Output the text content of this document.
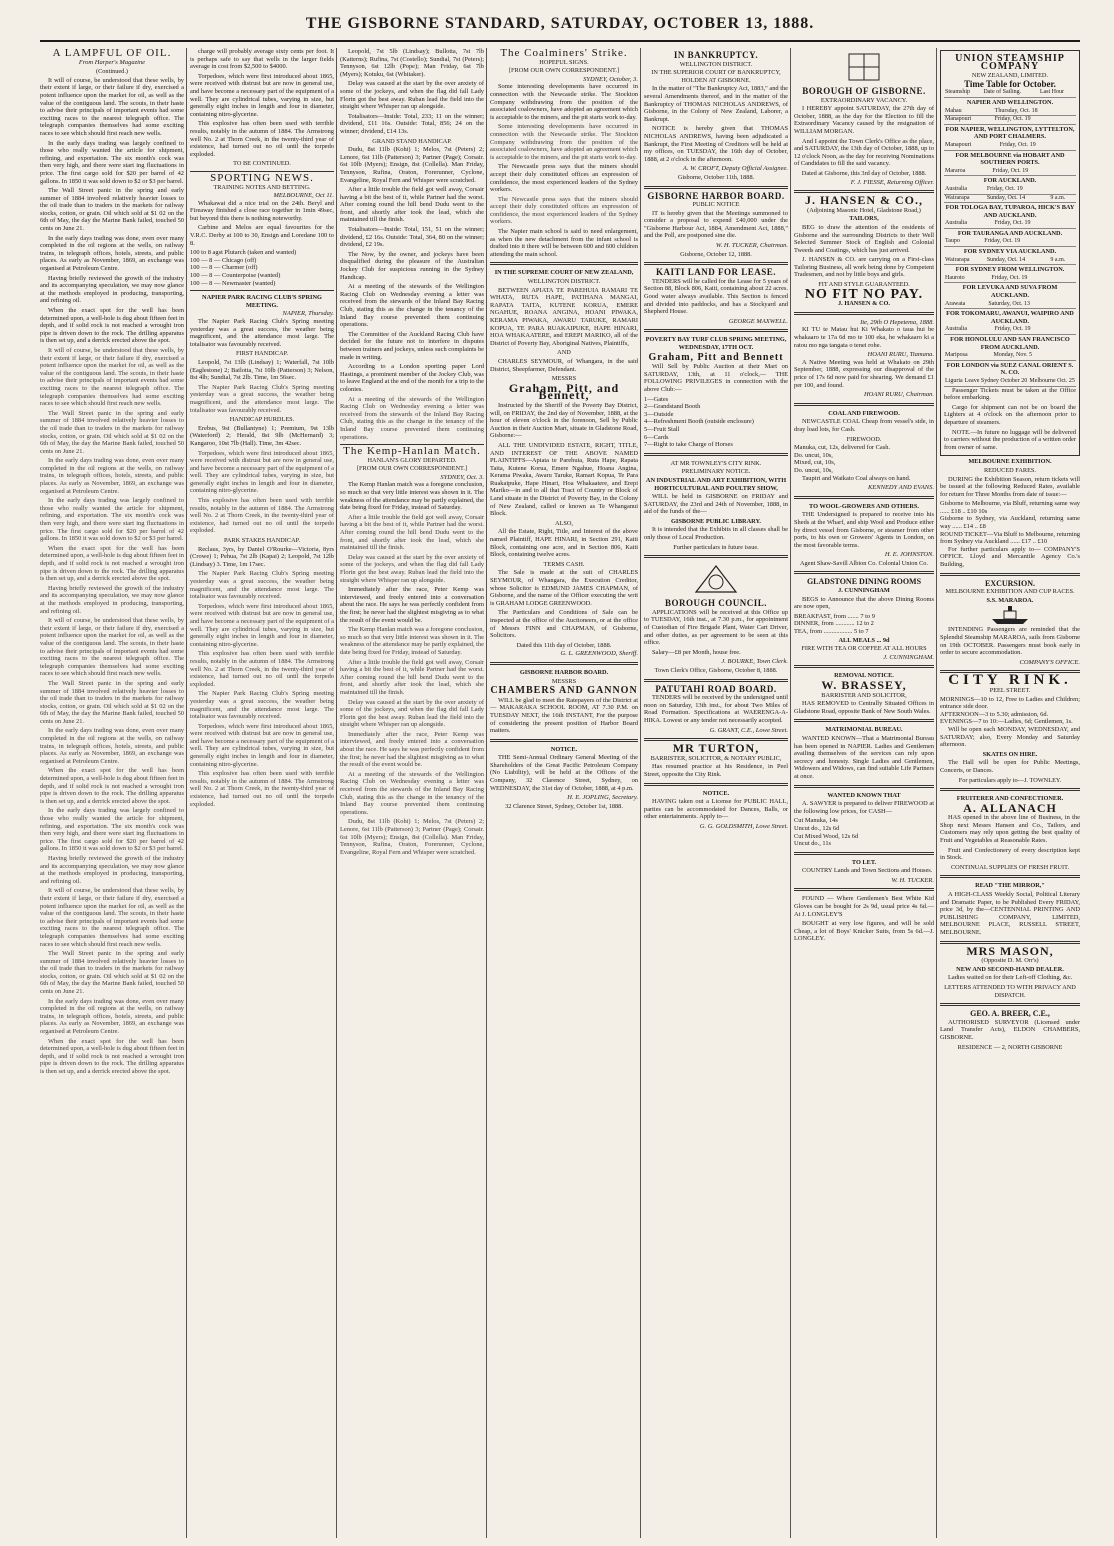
THE GISBORNE STANDARD, SATURDAY, OCTOBER 13, 1888.
A LAMPFUL OF OIL.
From Harper's Magazine
(Continued.)

It will of course, be understood that these wells, by their extent if large, or their failure if dry, exercised a potent influence upon the market for oil, as well as the value of the contiguous land. The scouts, in their haste to advise their principals of important events had some exciting races to the nearest telegraph office. The telegraph companies themselves had some exciting races to see which should first reach new wells.

In the early days trading was largely confined to those who really wanted the article for shipment, refining, and exportation. The six month's cock was then very high, and there were start ing fluctuations in price. The first cargo sold for $20 per barrel of 42 gallons. In 1850 it was sold down to $2 or $3 per barrel.

The Wall Street panic in the spring and early summer of 1884 involved relatively heavier losses to the oil trade than to traders in the markets for railway stocks, cotton, or grain. Oil which sold at $1 02 on the 6th of May, the day the Marine Bank failed, touched 50 cents on June 21.

In the early days trading was done, even over many completed in the oil regions at the wells, on railway trains, in telegraph offices, hotels, streets, and public places. As early as November, 1869, an exchange was organised at Petroleum Centre.

Having briefly reviewed the growth of the industry and its accompanying speculation, we may now glance at the methods employed in producing, transporting, and refining oil.

When the exact spot for the well has been determined upon, a well-hole is dug about fifteen feet in depth, and if solid rock is not reached a wrought iron pipe is driven down to the rock. The drilling apparatus is then set up, and a derrick erected above the spot.

It will of course, be understood that these wells, by their extent if large, or their failure if dry, exercised a potent influence upon the market for oil, as well as the value of the contiguous land. The scouts, in their haste to advise their principals of important events had some exciting races to the nearest telegraph office. The telegraph companies themselves had some exciting races to see which should first reach new wells.

The Wall Street panic in the spring and early summer of 1884 involved relatively heavier losses to the oil trade than to traders in the markets for railway stocks, cotton, or grain. Oil which sold at $1 02 on the 6th of May, the day the Marine Bank failed, touched 50 cents on June 21.

In the early days trading was done, even over many completed in the oil regions at the wells, on railway trains, in telegraph offices, hotels, streets, and public places. As early as November, 1869, an exchange was organised at Petroleum Centre.

In the early days trading was largely confined to those who really wanted the article for shipment, refining, and exportation. The six month's cock was then very high, and there were start ing fluctuations in price. The first cargo sold for $20 per barrel of 42 gallons. In 1850 it was sold down to $2 or $3 per barrel.

When the exact spot for the well has been determined upon, a well-hole is dug about fifteen feet in depth, and if solid rock is not reached a wrought iron pipe is driven down to the rock. The drilling apparatus is then set up, and a derrick erected above the spot.

Having briefly reviewed the growth of the industry and its accompanying speculation, we may now glance at the methods employed in producing, transporting, and refining oil.

It will of course, be understood that these wells, by their extent if large, or their failure if dry, exercised a potent influence upon the market for oil, as well as the value of the contiguous land. The scouts, in their haste to advise their principals of important events had some exciting races to the nearest telegraph office. The telegraph companies themselves had some exciting races to see which should first reach new wells.

The Wall Street panic in the spring and early summer of 1884 involved relatively heavier losses to the oil trade than to traders in the markets for railway stocks, cotton, or grain. Oil which sold at $1 02 on the 6th of May, the day the Marine Bank failed, touched 50 cents on June 21.

In the early days trading was done, even over many completed in the oil regions at the wells, on railway trains, in telegraph offices, hotels, streets, and public places. As early as November, 1869, an exchange was organised at Petroleum Centre.

When the exact spot for the well has been determined upon, a well-hole is dug about fifteen feet in depth, and if solid rock is not reached a wrought iron pipe is driven down to the rock. The drilling apparatus is then set up, and a derrick erected above the spot.

In the early days trading was largely confined to those who really wanted the article for shipment, refining, and exportation. The six month's cock was then very high, and there were start ing fluctuations in price. The first cargo sold for $20 per barrel of 42 gallons. In 1850 it was sold down to $2 or $3 per barrel.

Having briefly reviewed the growth of the industry and its accompanying speculation, we may now glance at the methods employed in producing, transporting, and refining oil.

It will of course, be understood that these wells, by their extent if large, or their failure if dry, exercised a potent influence upon the market for oil, as well as the value of the contiguous land. The scouts, in their haste to advise their principals of important events had some exciting races to the nearest telegraph office. The telegraph companies themselves had some exciting races to see which should first reach new wells.

The Wall Street panic in the spring and early summer of 1884 involved relatively heavier losses to the oil trade than to traders in the markets for railway stocks, cotton, or grain. Oil which sold at $1 02 on the 6th of May, the day the Marine Bank failed, touched 50 cents on June 21.

In the early days trading was done, even over many completed in the oil regions at the wells, on railway trains, in telegraph offices, hotels, streets, and public places. As early as November, 1869, an exchange was organised at Petroleum Centre.

When the exact spot for the well has been determined upon, a well-hole is dug about fifteen feet in depth, and if solid rock is not reached a wrought iron pipe is driven down to the rock. The drilling apparatus is then set up, and a derrick erected above the spot.

charge will probably average sixty cents per foot. It is perhaps safe to say that wells in the larger fields average in cost from $2,500 to $4000.

Torpedoes, which were first introduced about 1865, were received with distrust but are now in general use, and have become a necessary part of the equipment of a well. They are cylindrical tubes, varying in size, but generally eight inches in length and four in diameter, containing nitro-glycerine.

This explosive has often been used with terrible results, notably in the autumn of 1884. The Armstrong well No. 2 at Thorn Creek, in the twenty-third year of existence, had turned out no oil until the torpedo exploded.

TO BE CONTINUED.
SPORTING NEWS.
TRAINING NOTES AND BETTING.
MELBOURNE, Oct 11.

Whakawai did a nice trial on the 24th. Beryl and Fireaway finished a close race together in 1min 49sec, but beyond this there is nothing noteworthy.

Carbine and Melos are equal favourites for the V.R.C. Derby at 100 to 30, Ensign and Loredane 100 to 8.

100 to 8 agst Plutarch (taken and wanted)
100 — 8 — Chicago (off)
100 — 8 — Charmer (off)
100 — 8 — Counterpoise (wanted)
100 — 8 — Newmaster (wanted)
NAPIER PARK RACING CLUB'S SPRING MEETING.
NAPIER, Thursday.

The Napier Park Racing Club's Spring meeting yesterday was a great success, the weather being magnificent, and the attendance most large. The totalisator was favourably received.

FIRST HANDICAP.

Leopold, 7st 13lb (Lindsay) 1; Waterfall, 7st 10lb (Eaglestone) 2; Bailotta, 7st 10lb (Patterson) 3; Nelson, 8st 4lb; Sundial, 7st 2lb. Time, 1m 56sec.

The Napier Park Racing Club's Spring meeting yesterday was a great success, the weather being magnificent, and the attendance most large. The totalisator was favourably received.

HANDICAP HURDLES.

Erebus, 9st (Bullantyne) 1; Premium, 9st 13lb (Waterford) 2; Herald, 8st 9lb (McHernard) 3; Kangaroo, 10st 7lb (Hall). Time, 3m 42sec.

Torpedoes, which were first introduced about 1865, were received with distrust but are now in general use, and have become a necessary part of the equipment of a well. They are cylindrical tubes, varying in size, but generally eight inches in length and four in diameter, containing nitro-glycerine.

This explosive has often been used with terrible results, notably in the autumn of 1884. The Armstrong well No. 2 at Thorn Creek, in the twenty-third year of existence, had turned out no oil until the torpedo exploded.

PARK STAKES HANDICAP.

Reclaus, 3yrs, by Daniel O'Rourke—Victoria, 8yrs (Crowe) 1; Pehua, 7st 2lb (Kapai) 2; Leopold, 7st 12lb (Lindsay) 3. Time, 1m 17sec.

The Napier Park Racing Club's Spring meeting yesterday was a great success, the weather being magnificent, and the attendance most large. The totalisator was favourably received.

Torpedoes, which were first introduced about 1865, were received with distrust but are now in general use, and have become a necessary part of the equipment of a well. They are cylindrical tubes, varying in size, but generally eight inches in length and four in diameter, containing nitro-glycerine.

This explosive has often been used with terrible results, notably in the autumn of 1884. The Armstrong well No. 2 at Thorn Creek, in the twenty-third year of existence, had turned out no oil until the torpedo exploded.

The Napier Park Racing Club's Spring meeting yesterday was a great success, the weather being magnificent, and the attendance most large. The totalisator was favourably received.

Torpedoes, which were first introduced about 1865, were received with distrust but are now in general use, and have become a necessary part of the equipment of a well. They are cylindrical tubes, varying in size, but generally eight inches in length and four in diameter, containing nitro-glycerine.

This explosive has often been used with terrible results, notably in the autumn of 1884. The Armstrong well No. 2 at Thorn Creek, in the twenty-third year of existence, had turned out no oil until the torpedo exploded.

Leopold, 7st 5lb (Lindsay); Bullotta, 7st 7lb (Katterns); Rufina, 7st (Costello); Sundial, 7st (Peters); Tennyson, 6st 12lb (Pope); Man Friday, 6st 7lb (Myers); Kotuku, 6st (Whitaker).

Delay was caused at the start by the over anxiety of some of the jockeys, and when the flag did fall Lady Florin got the best away. Ruban lead the field into the straight where Whisper ran up alongside.

Totalisators—Inside: Total, 233; 11 on the winner; dividend, £11 16s. Outside: Total, 856; 24 on the winner; dividend, £14 13s.

GRAND STAND HANDICAP.

Dudu, 8st 11lb (Kohi) 1; Melos, 7st (Peters) 2; Lenore, 6st 11lb (Patterson) 3; Partner (Page); Corsair. 6st 10lb (Myers); Ensign, 8st (Collella). Man Friday, Tennyson, Rufina, Oraton, Forerunner, Cyclone, Evangeline, Royal Fern and Whisper were scratched.

After a little trouble the field got well away, Corsair having a bit the best of it, while Partner had the worst. After coming round the hill bend Dudu went to the front, and shortly after took the lead, which she maintained till the finish.

Totalisators—Inside: Total, 151, 51 on the winner; dividend, £2 16s. Outside: Total, 364, 80 on the winner; dividend, £2 19s.

The Now, by the owner, and jockeys have been disqualified during the pleasure of the Australian Jockey Club for suspicious running in the Sydney Handicap.

At a meeting of the stewards of the Wellington Racing Club on Wednesday evening a letter was received from the stewards of the Inland Bay Racing Club, stating this as the change in the tenancy of the Inland Bay course prevented them continuing operations.

The Committee of the Auckland Racing Club have decided for the future not to interfere in disputes between trainers and jockeys, unless such complaints be made in writing.

According to a London sporting paper Lord Hastings, a prominent member of the Jockey Club, was to leave England at the end of the month for a trip to the colonies.

At a meeting of the stewards of the Wellington Racing Club on Wednesday evening a letter was received from the stewards of the Inland Bay Racing Club, stating this as the change in the tenancy of the Inland Bay course prevented them continuing operations.

The Kemp-Hanlan Match.
HANLAN'S GLORY DEPARTED.
[FROM OUR OWN CORRESPONDENT.]
SYDNEY, Oct. 3.

The Kemp Hanlan match was a foregone conclusion, so much so that very little interest was shown in it. The weakness of the attendance may be partly explained, the date being fixed for Friday, instead of Saturday.

After a little trouble the field got well away, Corsair having a bit the best of it, while Partner had the worst. After coming round the hill bend Dudu went to the front, and shortly after took the lead, which she maintained till the finish.

Delay was caused at the start by the over anxiety of some of the jockeys, and when the flag did fall Lady Florin got the best away. Ruban lead the field into the straight where Whisper ran up alongside.

Immediately after the race, Peter Kemp was interviewed, and freely entered into a conversation about the race. He says he was perfectly confident from the first; he never had the slightest misgiving as to what the result of the event would be.

The Kemp Hanlan match was a foregone conclusion, so much so that very little interest was shown in it. The weakness of the attendance may be partly explained, the date being fixed for Friday, instead of Saturday.

After a little trouble the field got well away, Corsair having a bit the best of it, while Partner had the worst. After coming round the hill bend Dudu went to the front, and shortly after took the lead, which she maintained till the finish.

Delay was caused at the start by the over anxiety of some of the jockeys, and when the flag did fall Lady Florin got the best away. Ruban lead the field into the straight where Whisper ran up alongside.

Immediately after the race, Peter Kemp was interviewed, and freely entered into a conversation about the race. He says he was perfectly confident from the first; he never had the slightest misgiving as to what the result of the event would be.

At a meeting of the stewards of the Wellington Racing Club on Wednesday evening a letter was received from the stewards of the Inland Bay Racing Club, stating this as the change in the tenancy of the Inland Bay course prevented them continuing operations.

Dudu, 8st 11lb (Kohi) 1; Melos, 7st (Peters) 2; Lenore, 6st 11lb (Patterson) 3; Partner (Page); Corsair. 6st 10lb (Myers); Ensign, 8st (Collella). Man Friday, Tennyson, Rufina, Oraton, Forerunner, Cyclone, Evangeline, Royal Fern and Whisper were scratched.

The Coalminers' Strike.
HOPEFUL SIGNS.
[FROM OUR OWN CORRESPONDENT.]
SYDNEY, October, 3.

Some interesting developments have occurred in connection with the Newcastle strike. The Stockton Company withdrawing from the position of the associated coalowners, have adopted an agreement which is acceptable to the miners, and the pit starts work to-day.

Some interesting developments have occurred in connection with the Newcastle strike. The Stockton Company withdrawing from the position of the associated coalowners, have adopted an agreement which is acceptable to the miners, and the pit starts work to-day.

The Newcastle press says that the miners should accept their duly constituted offices an expression of confidence, the most experienced leaders of the Sydney workers.

The Newcastle press says that the miners should accept their duly constituted offices an expression of confidence, the most experienced leaders of the Sydney workers.

The Napier main school is said to need enlargement, as when the new detachment from the infant school is drafted into it there will be between 600 and 600 children attending the main school.

IN THE SUPREME COURT OF NEW ZEALAND,
WELLINGTON DISTRICT.

BETWEEN APIATA TE PAREHUIA RAMARI TE WHATA, RUTA HAPE, PATIHANA MANGAI, RAPATA TAITA, KUTENE KORUA, EMERE NGAHUE, ROANA ANGINA, HOANI PIWAKA, KERAMA PIWAKA, AWARU TARUKE, RAMARI KOPUA, TE PARA RUAKAIPUKE, HAPE HINARI, HOA WHAKAATERE, and EREPI MARIKO, all of the District of Poverty Bay, Aboriginal Natives, Plaintiffs,

AND

CHARLES SEYMOUR, of Whangara, in the said District, Sheepfarmer, Defendant.

MESSRS
Graham, Pitt, and Bennett,

Instructed by the Sheriff of the Poverty Bay District, will, on FRIDAY, the 2nd day of November, 1888, at the hour of eleven o'clock in the forenoon, Sell by Public Auction in their Auction Mart, situate in Gladstone Road, Gisborne:—

ALL THE UNDIVIDED ESTATE, RIGHT, TITLE, AND INTEREST OF THE ABOVE NAMED PLAINTIFFS—Apiata te Parehuia, Ruta Hape, Rapata Taita, Kutene Korua, Emere Ngahue, Hoana Angina, Kerama Piwaka, Awaru Taruke, Ramari Kopua, Te Para Ruakaipuke, Hape Hinari, Hoa Whakaatere, and Erepi Mariko—in and to all that Tract of Country or Block of Land situate in the District of Poverty Bay, in the Colony of New Zealand, called or known as Te Whanganui Block.

ALSO,

All the Estate, Right, Title, and Interest of the above named Plaintiff, HAPE HINARI, in Section 291, Kaiti Block, containing one acre, and in Section 806, Kaiti Block, containing twelve acres.

TERMS CASH.

The Sale is made at the suit of CHARLES SEYMOUR, of Whangara, the Execution Creditor, whose Solicitor is EDMUND JAMES CHAPMAN, of Gisborne, and the name of the Officer executing the writ is GRAHAM LODGE GREENWOOD.

The Particulars and Conditions of Sale can be inspected at the office of the Auctioneers, or at the office of Messrs FINN and CHAPMAN, of Gisborne, Solicitors.

Dated this 11th day of October, 1888.
G. L. GREENWOOD, Sheriff.
GISBORNE HARBOR BOARD.
MESSRS
CHAMBERS AND GANNON

WILL be glad to meet the Ratepayers of the District at— MAKARAKA SCHOOL ROOM, AT 7.30 P.M. on TUESDAY NEXT, the 16th INSTANT, For the purpose of considering the present position of Harbor Board matters.

NOTICE.

THE Semi-Annual Ordinary General Meeting of the Shareholders of the Great Pacific Petroleum Company (No Liability), will be held at the Offices of the Company, 32 Clarence Street, Sydney, on WEDNESDAY, the 31st day of October, 1888, at 4 p.m.

H. E. JOPLING, Secretary.
32 Clarence Street, Sydney, October 1st, 1888.
IN BANKRUPTCY.
WELLINGTON DISTRICT.
IN THE SUPERIOR COURT OF BANKRUPTCY, HOLDEN AT GISBORNE.

In the matter of "The Bankruptcy Act, 1883," and the several Amendments thereof, and in the matter of the Bankruptcy of THOMAS NICHOLAS ANDREWS, of Gisborne, in the Colony of New Zealand, Laborer, a Bankrupt.

NOTICE is hereby given that THOMAS NICHOLAS ANDREWS, having been adjudicated a Bankrupt, the First Meeting of Creditors will be held at my offices, on TUESDAY, the 16th day of October, 1888, at 2 o'clock in the afternoon.

A. W. CROFT, Deputy Official Assignee.
Gisborne, October 11th, 1888.
GISBORNE HARBOR BOARD.
PUBLIC NOTICE

IT is hereby given that the Meetings summoned to consider a proposal to expend £40,000 under the "Gisborne Harbour Act, 1884, Amendment Act, 1888," and the Poll, are postponed sine die.

W. H. TUCKER, Chairman.
Gisborne, October 12, 1888.
KAITI LAND FOR LEASE.

TENDERS will be called for the Lease for 5 years of Section 88, Block 806, Kaiti, containing about 22 acres. Good water always available. This Section is fenced and divided into paddocks, and has a Stockyard and Shepherd House.

GEORGE MAXWELL.
POVERTY BAY TURF CLUB SPRING MEETING, WEDNESDAY, 17TH OCT.
Graham, Pitt and Bennett

Will Sell by Public Auction at their Mart on SATURDAY, 13th, at 11 o'clock,— THE FOLLOWING PRIVILEGES in connection with the above Club:—

1—Gates
2—Grandstand Booth
3—Outside
4—Refreshment Booth (outside enclosure)
5—Fruit Stall
6—Cards
7—Right to take Charge of Horses
AT MR TOWNLEY'S CITY RINK.
PRELIMINARY NOTICE.
AN INDUSTRIAL AND ART EXHIBITION, WITH HORTICULTURAL AND POULTRY SHOW,

WILL be held in GISBORNE on FRIDAY and SATURDAY, the 23rd and 24th of November, 1888, in aid of the funds of the—

GISBORNE PUBLIC LIBRARY.

It is intended that the Exhibits in all classes shall be only those of Local Production.

Further particulars in future issue.
BOROUGH COUNCIL.

APPLICATIONS will be received at this Office up to TUESDAY, 16th inst., at 7.30 p.m., for appointment of Custodian of Fire Brigade Plant, Water Cart Driver, and other duties, as per agreement to be seen at this office.

Salary—£8 per Month, house free.

J. BOURKE, Town Clerk.
Town Clerk's Office, Gisborne, October 8, 1888.
PATUTAHI ROAD BOARD.

TENDERS will be received by the undersigned until noon on Saturday, 13th inst., for about Two Miles of Road Formation. Specifications at WAERENGA-A-HIKA. Lowest or any tender not necessarily accepted.

G. GRANT, C.E., Lowe Street.
MR TURTON,
BARRISTER, SOLICITOR, & NOTARY PUBLIC,

Has resumed practice at his Residence, in Peel Street, opposite the City Rink.

NOTICE.

HAVING taken out a License for PUBLIC HALL, parties can be accommodated for Dances, Balls, or other entertainments. Apply to—

G. G. GOLDSMITH, Lowe Street.
BOROUGH OF GISBORNE.
EXTRAORDINARY VACANCY.

I HEREBY appoint SATURDAY, the 27th day of October, 1888, as the day for the Election to fill the Extraordinary Vacancy caused by the resignation of WILLIAM MORGAN.

And I appoint the Town Clerk's Office as the place, and SATURDAY, the 13th day of October, 1888, up to 12 o'clock Noon, as the day for receiving Nominations of Candidates to fill the said vacancy.

Dated at Gisborne, this 3rd day of October, 1888.
F. J. FIESSE, Returning Officer.
J. HANSEN & CO.,
(Adjoining Masonic Hotel, Gladstone Road,)
TAILORS,

BEG to draw the attention of the residents of Gisborne and the surrounding Districts to their Well Selected Summer Stock of English and Colonial Tweeds and Coatings, which has just arrived.

J. HANSEN & CO. are carrying on a First-class Tailoring Business, all work being done by Competent Tradesmen, and not by little boys and girls.

FIT AND STYLE GUARANTEED.
NO FIT NO PAY.
J. HANSEN & CO.
Ite, 29th O Hepetema, 1888.

KI TU te Matau hui Ki Whakato o taua hui be whakaaro te 17a 6d mo te 100 eka, he whakaaro ki a ratou mo nga tangata o tenei rohe.

HOANI RURU, Tiamana.

A Native Meeting was held at Whakato on 29th September, 1888, expressing our disapproval of the price of 17s 6d now paid for shearing. We demand £1 per 100, and found.

HOANI RURU, Chairman.
COAL AND FIREWOOD.

NEWCASTLE COAL Cheap from vessel's side, in dray load lots, for Cash.

FIREWOOD.
Manuka, cut, 12s, delivered for Cash.
Do. uncut, 10s,
Mixed, cut, 10s,
Do. uncut, 10s,

Taupiri and Waikato Coal always on hand.

KENNEDY AND EVANS.
TO WOOL-GROWERS AND OTHERS.

THE Undersigned is prepared to receive into his Sheds at the Wharf, and ship Wool and Produce either by direct vessel from Gisborne, or steamer from other ports, to his own or Growers' Agents in London, on the most favorable terms.

H. E. JOHNSTON.
Agent Shaw-Savill Albion Co. Colonial Union Co.
GLADSTONE DINING ROOMS
J. CUNNINGHAM

BEGS to Announce that the above Dining Rooms are now open,

BREAKFAST, from ....... 7 to 9
DINNER, from ............ 12 to 2
TEA, from .................. 5 to 7
ALL MEALS ... 9d
FIRE WITH TEA OR COFFEE AT ALL HOURS
J. CUNNINGHAM.
REMOVAL NOTICE.
W. BRASSEY,
BARRISTER AND SOLICITOR,

HAS REMOVED to Centrally Situated Offices in Gladstone Road, opposite Bank of New South Wales.

MATRIMONIAL BUREAU.

WANTED KNOWN—That a Matrimonial Bureau has been opened in NAPIER. Ladies and Gentlemen availing themselves of the services can rely upon secrecy and honesty. Single Ladies and Gentlemen, Widowers and Widows, can find suitable Life Partners at once.

WANTED KNOWN THAT

A. SAWYER is prepared to deliver FIREWOOD at the following low prices, for CASH—

Cut Manuka, 14s
Uncut do., 12s 6d
Cut Mixed Wood, 12s 6d
Uncut do., 11s
TO LET.

COUNTRY Lands and Town Sections and Houses.

W. H. TUCKER.

FOUND — Where Gentlemen's Best White Kid Gloves can be bought for 2s 9d, usual price 4s 6d.—At J. LONGLEY'S

BOUGHT at very low figures, and will be sold Cheap, a lot of Boys' Knicker Suits, from 5s 6d.—J. LONGLEY.

UNION STEAMSHIP COMPANY
NEW ZEALAND, LIMITED.
Time Table for October.
Steamship	Date of Sailing.	Last Hour
NAPIER AND WELLINGTON.
Mahau	Thursday, Oct. 18	
Manapouri	Friday, Oct. 19	
FOR NAPIER, WELLINGTON, LYTTELTON, AND PORT CHALMERS.
Manapouri	Friday, Oct. 19	
FOR MELBOURNE via HOBART AND SOUTHERN PORTS.
Mararoa	Friday, Oct. 19	
FOR AUCKLAND.
Australia	Friday, Oct. 19	
Wairarapa	Sunday, Oct. 14	9 a.m.
FOR TOLOGA BAY, TUPAROA, HICK'S BAY AND AUCKLAND.
Australia	Friday, Oct. 19	
FOR TAURANGA AND AUCKLAND.
Taupo	Friday, Oct. 19	
FOR SYDNEY VIA AUCKLAND.
Wairarapa	Sunday, Oct. 14	9 a.m.
FOR SYDNEY FROM WELLINGTON.
Hauroto	Friday, Oct. 19	
FOR LEVUKA AND SUVA FROM AUCKLAND.
Arawata	Saturday, Oct. 13	
FOR TOKOMARU, AWANUI, WAIPIRO AND AUCKLAND.
Australia	Friday, Oct. 19	
FOR HONOLULU AND SAN FRANCISCO FROM AUCKLAND.
Mariposa	Monday, Nov. 5	
FOR LONDON via SUEZ CANAL ORIENT S. N. CO.
Liguria	Leave Sydney October 20	Melbourne Oct. 25

Passenger Tickets must be taken at the Office before embarking.

Cargo for shipment can not be on board the Lighters at 4 o'clock on the afternoon prior to departure of steamers.

NOTE.—In future no luggage will be delivered to carriers without the production of a written order from owner of same.

MELBOURNE EXHIBITION.
REDUCED FARES.

DURING the Exhibition Season, return tickets will be issued at the following Reduced Rates, available for return for Three Months from date of issue:—

Gisborne to Melbourne, via Bluff, returning same way ...... £18 .. £10 10s
Gisborne to Sydney, via Auckland, returning same way ...... £14 .. £8
ROUND TICKET—Via Bluff to Melbourne, returning from Sydney via Auckland ...... £17 .. £10

For further particulars apply to— COMPANY'S OFFICE. Lloyd and Mercantile Agency Co.'s Building,

EXCURSION.
MELBOURNE EXHIBITION AND CUP RACES.
S.S. MARAROA.

INTENDING Passengers are reminded that the Splendid Steamship MARAROA, sails from Gisborne on 19th OCTOBER. Passengers must book early in order to secure accommodation.

COMPANY'S OFFICE.
CITY RINK.
PEEL STREET.
MORNINGS—10 to 12, Free to Ladies and Children; entrance side door.
AFTERNOON—3 to 5.30; admission, 6d.
EVENINGS—7 to 10:—Ladies, 6d; Gentlemen, 1s.

Will be open each MONDAY, WEDNESDAY, and SATURDAY; also, Every Monday and Saturday afternoon.

SKATES ON HIRE.

The Hall will be open for Public Meetings, Concerts, or Dances.

For particulars apply to—J. TOWNLEY.
FRUITERER AND CONFECTIONER.
A. ALLANACH

HAS opened in the above line of Business, in the Shop next Messrs Hansen and Co., Tailors, and Customers may rely upon getting the best quality of Fruit and Vegetables at Reasonable Rates.

Fruit and Confectionery of every description kept in Stock.

CONTINUAL SUPPLIES OF FRESH FRUIT.
READ "THE MIRROR,"

A HIGH-CLASS Weekly Social, Political Literary and Dramatic Paper, to be Published Every FRIDAY, price 3d, by the—CENTENNIAL PRINTING AND PUBLISHING COMPANY, LIMITED, MELBOURNE PLACE, RUSSELL STREET, MELBOURNE.

MRS MASON,
(Opposite D. M. Orr's)
NEW AND SECOND-HAND DEALER.

Ladies waited on for their Left-off Clothing, &c.

LETTERS ATTENDED TO WITH PRIVACY AND DISPATCH.
GEO. A. BREER, C.E.,

AUTHORISED SURVEYOR (Licensed under Land Transfer Acts), ELDON CHAMBERS, GISBORNE.

RESIDENCE — 2, NORTH GISBORNE
